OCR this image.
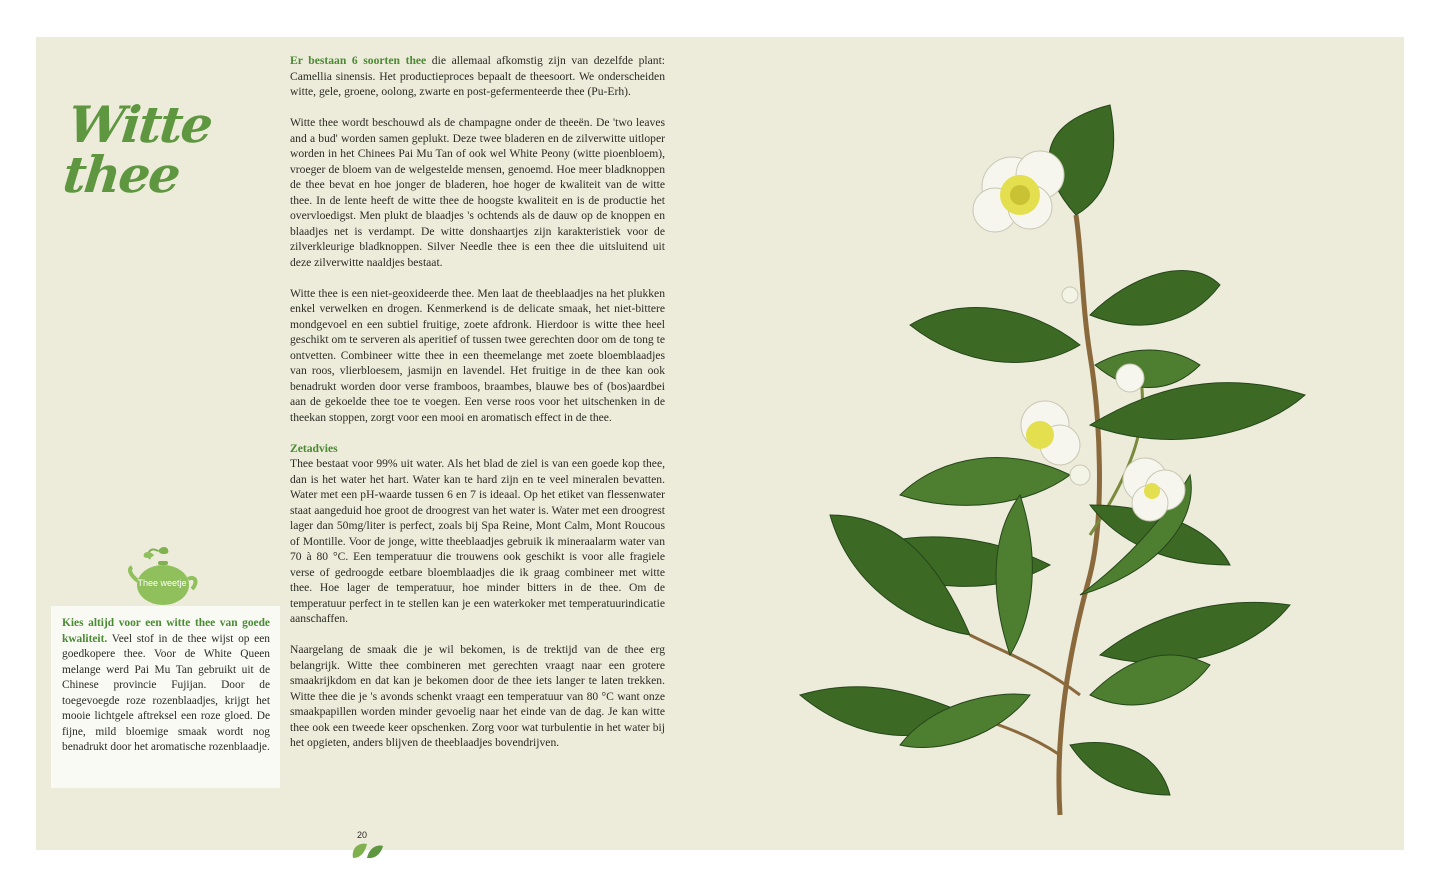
Witte thee

Er bestaan 6 soorten thee die allemaal afkomstig zijn van dezelfde plant: Camellia sinensis. Het productieproces bepaalt de theesoort. We onderscheiden witte, gele, groene, oolong, zwarte en post-gefermenteerde thee (Pu-Erh).

Witte thee wordt beschouwd als de champagne onder de theeën. De 'two leaves and a bud' worden samen geplukt. Deze twee bladeren en de zilverwitte uitloper worden in het Chinees Pai Mu Tan of ook wel White Peony (witte pioenbloem), vroeger de bloem van de welgestelde mensen, genoemd. Hoe meer bladknoppen de thee bevat en hoe jonger de bladeren, hoe hoger de kwaliteit van de witte thee. In de lente heeft de witte thee de hoogste kwaliteit en is de productie het overvloedigst. Men plukt de blaadjes 's ochtends als de dauw op de knoppen en blaadjes net is verdampt. De witte donshaartjes zijn karakteristiek voor de zilverkleurige bladknoppen. Silver Needle thee is een thee die uitsluitend uit deze zilverwitte naaldjes bestaat.

Witte thee is een niet-geoxideerde thee. Men laat de theeblaadjes na het plukken enkel verwelken en drogen. Kenmerkend is de delicate smaak, het niet-bittere mondgevoel en een subtiel fruitige, zoete afdronk. Hierdoor is witte thee heel geschikt om te serveren als aperitief of tussen twee gerechten door om de tong te ontvetten. Combineer witte thee in een theemelange met zoete bloemblaadjes van roos, vlierbloesem, jasmijn en lavendel. Het fruitige in de thee kan ook benadrukt worden door verse framboos, braambes, blauwe bes of (bos)aardbei aan de gekoelde thee toe te voegen. Een verse roos voor het uitschenken in de theekan stoppen, zorgt voor een mooi en aromatisch effect in de thee.

Zetadvies
Thee bestaat voor 99% uit water. Als het blad de ziel is van een goede kop thee, dan is het water het hart. Water kan te hard zijn en te veel mineralen bevatten. Water met een pH-waarde tussen 6 en 7 is ideaal. Op het etiket van flessenwater staat aangeduid hoe groot de droogrest van het water is. Water met een droogrest lager dan 50mg/liter is perfect, zoals bij Spa Reine, Mont Calm, Mont Roucous of Montille. Voor de jonge, witte theeblaadjes gebruik ik mineraalarm water van 70 à 80 °C. Een temperatuur die trouwens ook geschikt is voor alle fragiele verse of gedroogde eetbare bloemblaadjes die ik graag combineer met witte thee. Hoe lager de temperatuur, hoe minder bitters in de thee. Om de temperatuur perfect in te stellen kan je een waterkoker met temperatuurindicatie aanschaffen.

Naargelang de smaak die je wil bekomen, is de trektijd van de thee erg belangrijk. Witte thee combineren met gerechten vraagt naar een grotere smaakrijkdom en dat kan je bekomen door de thee iets langer te laten trekken. Witte thee die je 's avonds schenkt vraagt een temperatuur van 80 °C want onze smaakpapillen worden minder gevoelig naar het einde van de dag. Je kan witte thee ook een tweede keer opschenken. Zorg voor wat turbulentie in het water bij het opgieten, anders blijven de theeblaadjes bovendrijven.

Thee weetje
Kies altijd voor een witte thee van goede kwaliteit. Veel stof in de thee wijst op een goedkopere thee. Voor de White Queen melange werd Pai Mu Tan gebruikt uit de Chinese provincie Fujijan. Door de toegevoegde roze rozenblaadjes, krijgt het mooie lichtgele aftreksel een roze gloed. De fijne, mild bloemige smaak wordt nog benadrukt door het aromatische rozenblaadje.
20
